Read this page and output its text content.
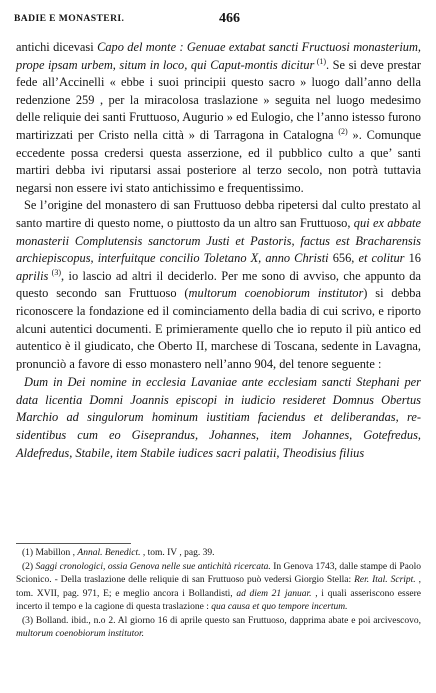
BADIE E MONASTERI.	466

antichi dicevasi Capo del monte : Genuae extabat sancti Fructuosi monasterium, prope ipsam urbem, situm in loco, qui Caput-montis dicitur $^{(1)}$. Se si deve prestar fede all’Accinelli « ebbe i suoi principii questo sacro » luogo dall’anno della redenzione 259 , per la miracolosa traslazione » seguita nel luogo medesimo delle reliquie dei santi Fruttuoso, Augurio » ed Eulogio, che l’anno istesso furono martirizzati per Cristo nella città » di Tarragona in Catalogna $^{(2)}$ ». Comunque eccedente possa credersi questa asserzione, ed il pubblico culto a que’ santi martiri debba ivi riputarsi assai posteriore al terzo secolo, non potrà tuttavia negarsi non essere ivi stato antichissimo e frequentissimo.

Se l’origine del monastero di san Fruttuoso debba ripetersi dal culto prestato al santo martire di questo nome, o piuttosto da un altro san Fruttuoso, qui ex abbate monasterii Complutensis sanctorum Justi et Pastoris, factus est Bracharensis archiepiscopus, interfuitque concilio Toletano X, anno Christi 656, et colitur 16 aprilis $^{(3)}$, io lascio ad altri il deciderlo. Per me sono di avviso, che appunto da questo secondo san Fruttuoso (multorum coenobiorum institutor) si debba riconoscere la fondazione ed il cominciamento della badia di cui scrivo, e riporto alcuni autentici documenti. E primieramente quello che io reputo il più antico ed autentico è il giudicato, che Oberto II, marchese di Toscana, sedente in Lavagna, pronunciò a favore di esso monastero nell’anno 904, del tenore seguente :

Dum in Dei nomine in ecclesia Lavaniae ante ecclesiam sancti Stephani per data licentia Domni Joannis episcopi in iudicio resideret Domnus Obertus Marchio ad singulorum hominum iustitiam faciendus et deliberandas, residentibus cum eo Giseprandus, Johannes, item Johannes, Gotefredus, Aldefredus, Stabile, item Stabile iudices sacri palatii, Theodisius filius

(1) Mabillon , Annal. Benedict. , tom. IV , pag. 39.

(2) Saggi cronologici, ossia Genova nelle sue antichità ricercata. In Genova 1743, dalle stampe di Paolo Scionico. - Della traslazione delle reliquie di san Fruttuoso può vedersi Giorgio Stella: Rer. Ital. Script. , tom. XVII, pag. 971, E; e meglio ancora i Bollandisti, ad diem 21 januar. , i quali asseriscono essere incerto il tempo e la cagione di questa traslazione : qua causa et quo tempore incertum.

(3) Bolland. ibid., n.o 2. Al giorno 16 di aprile questo san Fruttuoso, dapprima abate e poi arcivescovo, multorum coenobiorum institutor.
